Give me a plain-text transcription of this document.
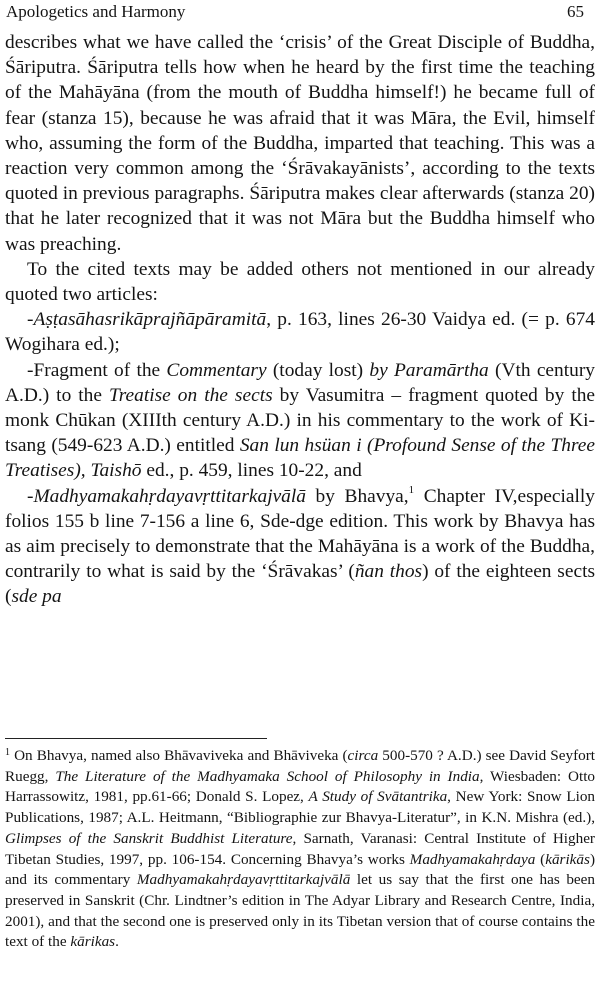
Apologetics and Harmony	65

describes what we have called the ‘crisis’ of the Great Disciple of Buddha, Śāriputra. Śāriputra tells how when he heard by the first time the teaching of the Mahāyāna (from the mouth of Buddha himself!) he became full of fear (stanza 15), because he was afraid that it was Māra, the Evil, himself who, assuming the form of the Buddha, imparted that teaching. This was a reaction very common among the ‘Śrāvakayānists’, according to the texts quoted in previous paragraphs. Śāriputra makes clear afterwards (stanza 20) that he later recognized that it was not Māra but the Buddha himself who was preaching.

To the cited texts may be added others not mentioned in our already quoted two articles:

-Aṣṭasāhasrikāprajñāpāramitā, p. 163, lines 26-30 Vaidya ed. (= p. 674 Wogihara ed.);

-Fragment of the Commentary (today lost) by Paramārtha (Vth century A.D.) to the Treatise on the sects by Vasumitra – fragment quoted by the monk Chūkan (XIIIth century A.D.) in his commentary to the work of Ki-tsang (549-623 A.D.) entitled San lun hsüan i (Profound Sense of the Three Treatises), Taishō ed., p. 459, lines 10-22, and

-Madhyamakahṛdayavṛttitarkajvālā by Bhavya,$^1$ Chapter IV,especially folios 155 b line 7-156 a line 6, Sde-dge edition. This work by Bhavya has as aim precisely to demonstrate that the Mahāyāna is a work of the Buddha, contrarily to what is said by the ‘Śrāvakas’ (ñan thos) of the eighteen sects (sde pa

$^1$ On Bhavya, named also Bhāvaviveka and Bhāviveka (circa 500-570 ? A.D.) see David Seyfort Ruegg, The Literature of the Madhyamaka School of Philosophy in India, Wiesbaden: Otto Harrassowitz, 1981, pp.61-66; Donald S. Lopez, A Study of Svātantrika, New York: Snow Lion Publications, 1987; A.L. Heitmann, “Bibliographie zur Bhavya-Literatur”, in K.N. Mishra (ed.), Glimpses of the Sanskrit Buddhist Literature, Sarnath, Varanasi: Central Institute of Higher Tibetan Studies, 1997, pp. 106-154. Concerning Bhavya’s works Madhyamakahṛdaya (kārikās) and its commentary Madhyamakahṛdayavṛttitarkajvālā let us say that the first one has been preserved in Sanskrit (Chr. Lindtner’s edition in The Adyar Library and Research Centre, India, 2001), and that the second one is preserved only in its Tibetan version that of course contains the text of the kārikas.
